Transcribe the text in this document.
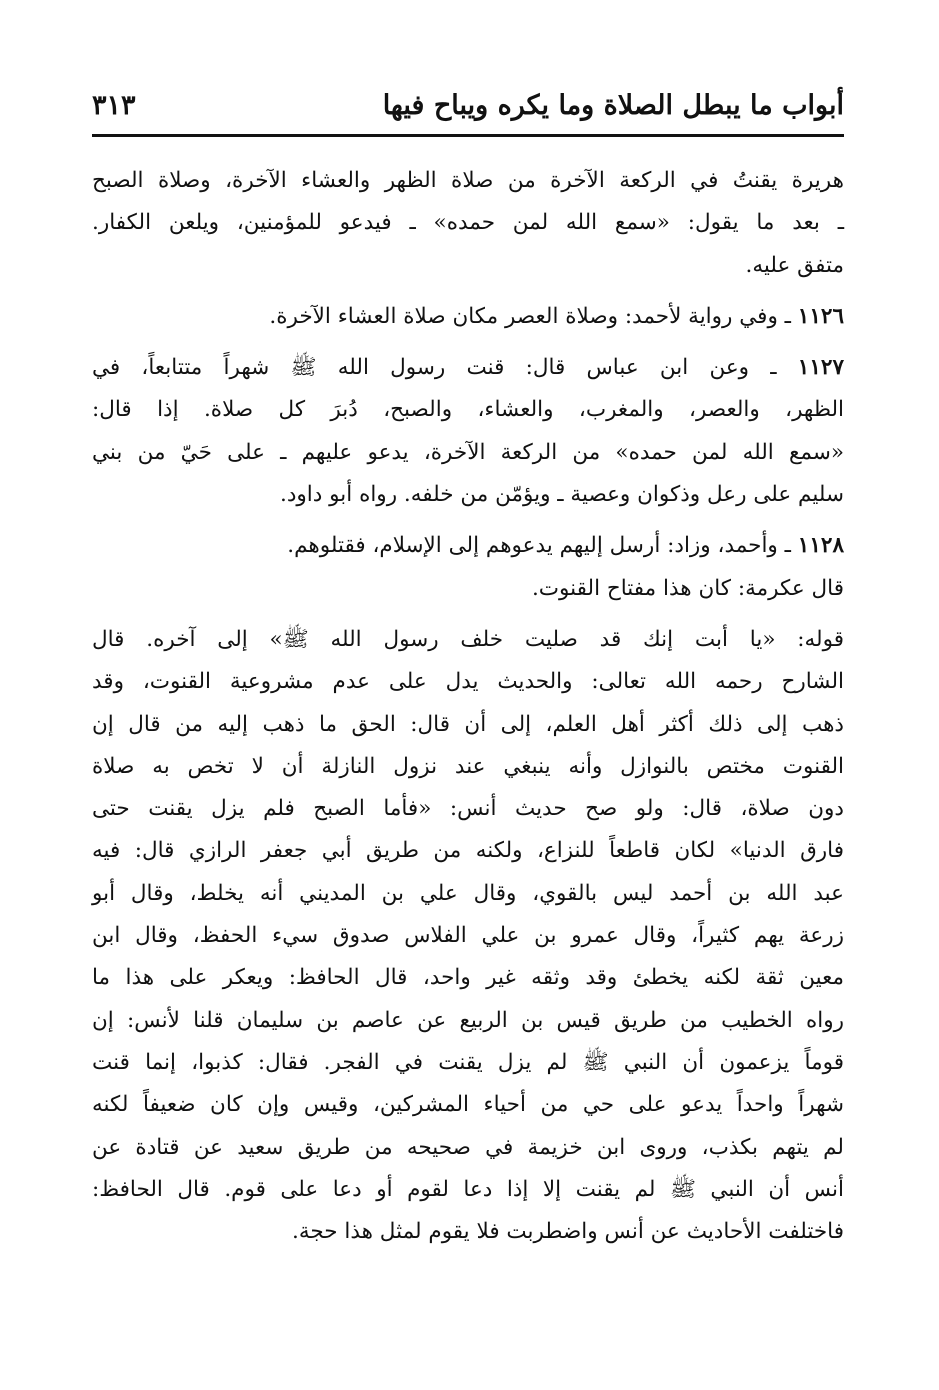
أبواب ما يبطل الصلاة وما يكره ويباح فيها
٣١٣
هريرة يقنتُ في الركعة الآخرة من صلاة الظهر والعشاء الآخرة، وصلاة الصبح
ـ بعد ما يقول: «سمع الله لمن حمده» ـ فيدعو للمؤمنين، ويلعن الكفار.
متفق عليه.
١١٢٦ ـ وفي رواية لأحمد: وصلاة العصر مكان صلاة العشاء الآخرة.
١١٢٧ ـ وعن ابن عباس قال: قنت رسول الله ﷺ شهراً متتابعاً، في
الظهر، والعصر، والمغرب، والعشاء، والصبح، دُبرَ كل صلاة. إذا قال:
«سمع الله لمن حمده» من الركعة الآخرة، يدعو عليهم ـ على حَيّ من بني
سليم على رعل وذكوان وعصية ـ ويؤمّن من خلفه. رواه أبو داود.
١١٢٨ ـ وأحمد، وزاد: أرسل إليهم يدعوهم إلى الإسلام، فقتلوهم.
قال عكرمة: كان هذا مفتاح القنوت.
قوله: «يا أبت إنك قد صليت خلف رسول الله ﷺ» إلى آخره. قال
الشارح رحمه الله تعالى: والحديث يدل على عدم مشروعية القنوت، وقد
ذهب إلى ذلك أكثر أهل العلم، إلى أن قال: الحق ما ذهب إليه من قال إن
القنوت مختص بالنوازل وأنه ينبغي عند نزول النازلة أن لا تخص به صلاة
دون صلاة، قال: ولو صح حديث أنس: «فأما الصبح فلم يزل يقنت حتى
فارق الدنيا» لكان قاطعاً للنزاع، ولكنه من طريق أبي جعفر الرازي قال: فيه
عبد الله بن أحمد ليس بالقوي، وقال علي بن المديني أنه يخلط، وقال أبو
زرعة يهم كثيراً، وقال عمرو بن علي الفلاس صدوق سيء الحفظ، وقال ابن
معين ثقة لكنه يخطئ وقد وثقه غير واحد، قال الحافظ: ويعكر على هذا ما
رواه الخطيب من طريق قيس بن الربيع عن عاصم بن سليمان قلنا لأنس: إن
قوماً يزعمون أن النبي ﷺ لم يزل يقنت في الفجر. فقال: كذبوا، إنما قنت
شهراً واحداً يدعو على حي من أحياء المشركين، وقيس وإن كان ضعيفاً لكنه
لم يتهم بكذب، وروى ابن خزيمة في صحيحه من طريق سعيد عن قتادة عن
أنس أن النبي ﷺ لم يقنت إلا إذا دعا لقوم أو دعا على قوم. قال الحافظ:
فاختلفت الأحاديث عن أنس واضطربت فلا يقوم لمثل هذا حجة.
